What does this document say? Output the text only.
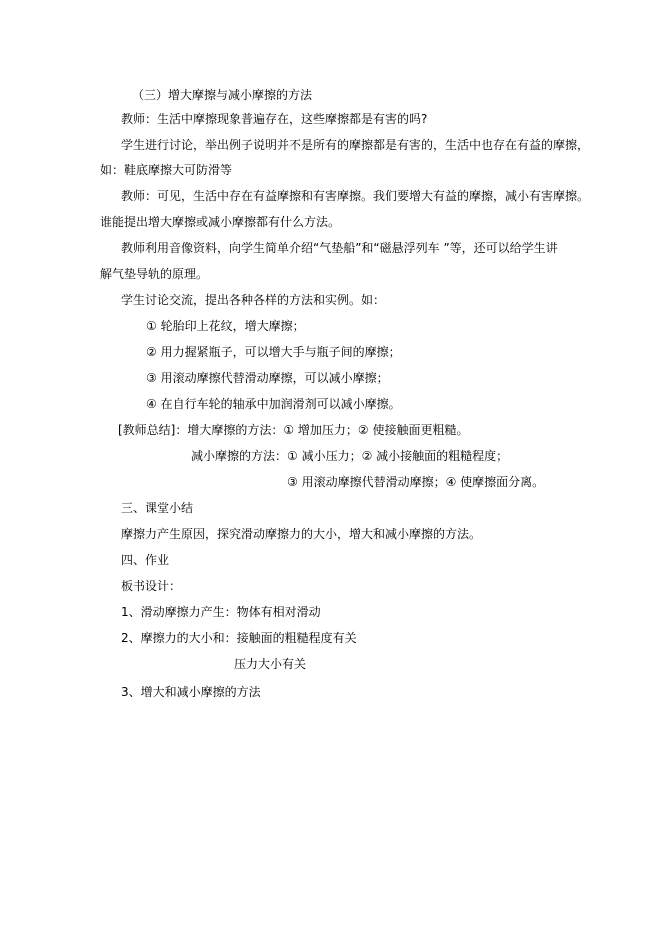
（三）增大摩擦与减小摩擦的方法
教师：生活中摩擦现象普遍存在，这些摩擦都是有害的吗?
学生进行讨论，举出例子说明并不是所有的摩擦都是有害的，生活中也存在有益的摩擦，
如：鞋底摩擦大可防滑等
教师：可见，生活中存在有益摩擦和有害摩擦。我们要增大有益的摩擦，减小有害摩擦。
谁能提出增大摩擦或减小摩擦都有什么方法。
教师利用音像资料，向学生简单介绍“气垫船”和“磁悬浮列车 ”等，还可以给学生讲
解气垫导轨的原理。
学生讨论交流，提出各种各样的方法和实例。如：
① 轮胎印上花纹，增大摩擦；
② 用力握紧瓶子，可以增大手与瓶子间的摩擦；
③ 用滚动摩擦代替滑动摩擦，可以减小摩擦；
④ 在自行车轮的轴承中加润滑剂可以减小摩擦。
[教师总结]：增大摩擦的方法：① 增加压力；② 使接触面更粗糙。
减小摩擦的方法：① 减小压力；② 减小接触面的粗糙程度；
③ 用滚动摩擦代替滑动摩擦；④ 使摩擦面分离。
三、课堂小结
摩擦力产生原因，探究滑动摩擦力的大小，增大和减小摩擦的方法。
四、作业
板书设计：
1、滑动摩擦力产生：物体有相对滑动
2、摩擦力的大小和：接触面的粗糙程度有关
压力大小有关
3、增大和减小摩擦的方法
